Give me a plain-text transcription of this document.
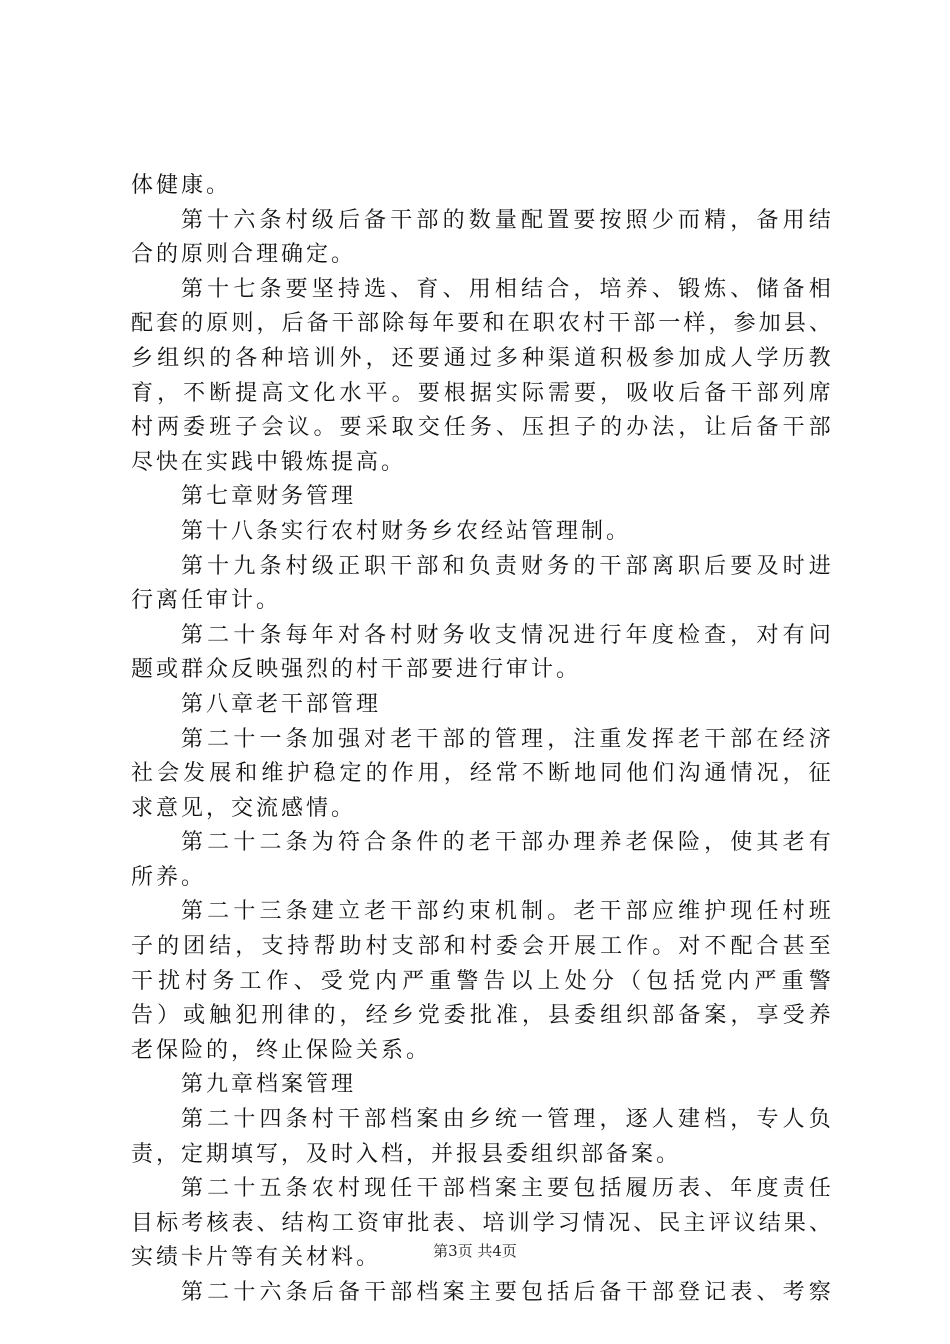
体健康。
第 十 六 条 村 级 后 备 干 部 的 数 量 配 置 要 按 照 少 而 精 ， 备 用 结
合的原则合理确定。
第 十 七 条 要 坚 持 选 、 育 、 用 相 结 合 ， 培 养 、 锻 炼 、 储 备 相
配 套 的 原 则 ， 后 备 干 部 除 每 年 要 和 在 职 农 村 干 部 一 样 ， 参 加 县 、
乡 组 织 的 各 种 培 训 外 ， 还 要 通 过 多 种 渠 道 积 极 参 加 成 人 学 历 教
育 ， 不 断 提 高 文 化 水 平 。 要 根 据 实 际 需 要 ， 吸 收 后 备 干 部 列 席
村 两 委 班 子 会 议 。 要 采 取 交 任 务 、 压 担 子 的 办 法 ， 让 后 备 干 部
尽快在实践中锻炼提高。
第七章财务管理
第十八条实行农村财务乡农经站管理制。
第 十 九 条 村 级 正 职 干 部 和 负 责 财 务 的 干 部 离 职 后 要 及 时 进
行离任审计。
第 二 十 条 每 年 对 各 村 财 务 收 支 情 况 进 行 年 度 检 查 ， 对 有 问
题或群众反映强烈的村干部要进行审计。
第八章老干部管理
第 二 十 一 条 加 强 对 老 干 部 的 管 理 ， 注 重 发 挥 老 干 部 在 经 济
社 会 发 展 和 维 护 稳 定 的 作 用 ， 经 常 不 断 地 同 他 们 沟 通 情 况 ， 征
求意见，交流感情。
第 二 十 二 条 为 符 合 条 件 的 老 干 部 办 理 养 老 保 险 ， 使 其 老 有
所养。
第 二 十 三 条 建 立 老 干 部 约 束 机 制 。 老 干 部 应 维 护 现 任 村 班
子 的 团 结 ， 支 持 帮 助 村 支 部 和 村 委 会 开 展 工 作 。 对 不 配 合 甚 至
干 扰 村 务 工 作 、 受 党 内 严 重 警 告 以 上 处 分 （ 包 括 党 内 严 重 警
告 ） 或 触 犯 刑 律 的 ， 经 乡 党 委 批 准 ， 县 委 组 织 部 备 案 ， 享 受 养
老保险的，终止保险关系。
第九章档案管理
第 二 十 四 条 村 干 部 档 案 由 乡 统 一 管 理 ， 逐 人 建 档 ， 专 人 负
责，定期填写，及时入档，并报县委组织部备案。
第 二 十 五 条 农 村 现 任 干 部 档 案 主 要 包 括 履 历 表 、 年 度 责 任
目 标 考 核 表 、 结 构 工 资 审 批 表 、 培 训 学 习 情 况 、 民 主 评 议 结 果 、
实绩卡片等有关材料。
第 二 十 六 条 后 备 干 部 档 案 主 要 包 括 后 备 干 部 登 记 表 、 考 察
第3页 共4页
